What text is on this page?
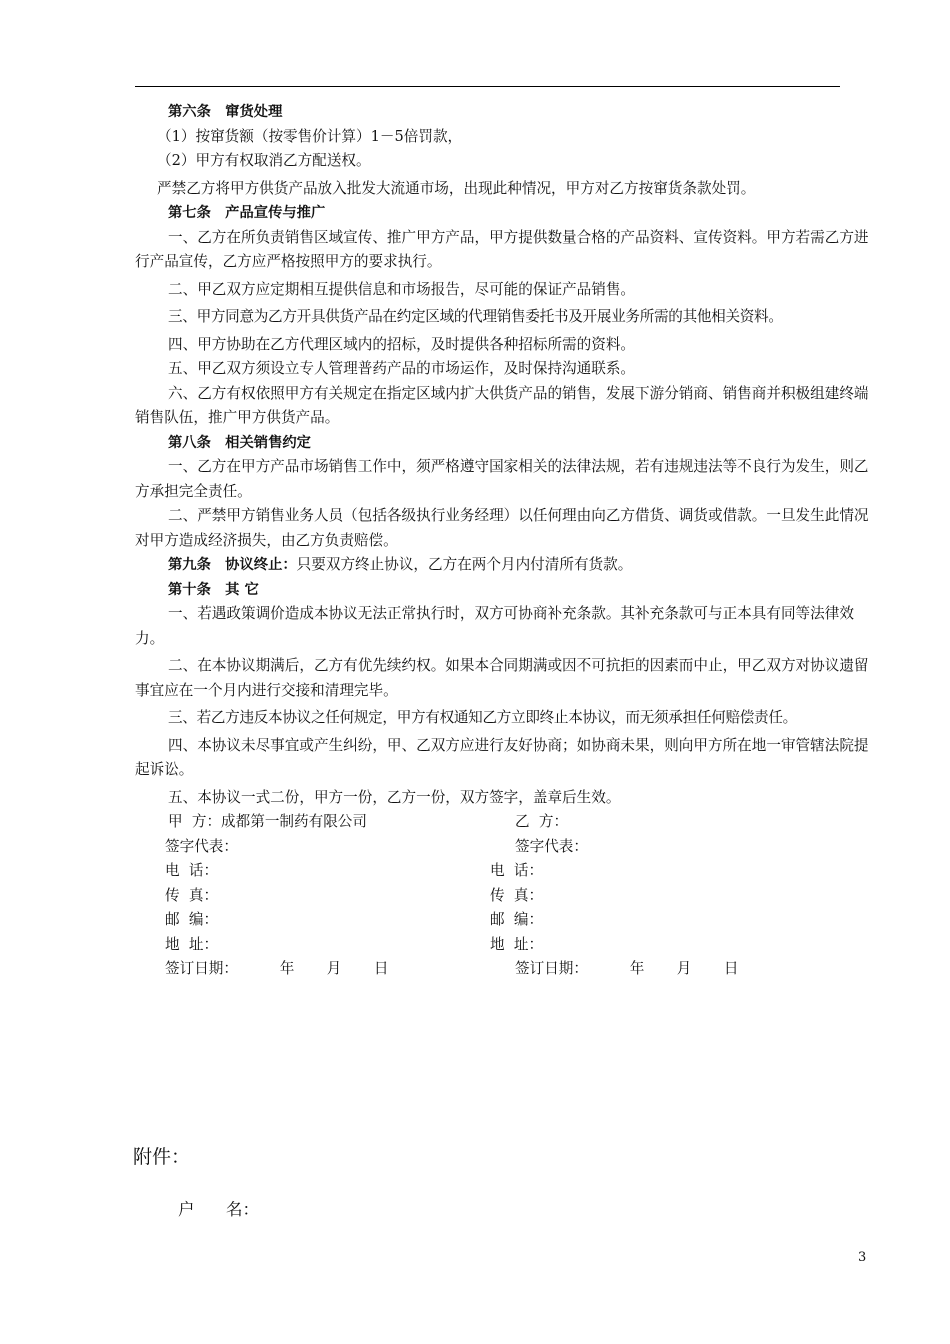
第六条　窜货处理

（1）按窜货额（按零售价计算）1－5倍罚款，

（2）甲方有权取消乙方配送权。

严禁乙方将甲方供货产品放入批发大流通市场，出现此种情况，甲方对乙方按窜货条款处罚。

第七条　产品宣传与推广

一、乙方在所负责销售区域宣传、推广甲方产品，甲方提供数量合格的产品资料、宣传资料。甲方若需乙方进行产品宣传，乙方应严格按照甲方的要求执行。

二、甲乙双方应定期相互提供信息和市场报告，尽可能的保证产品销售。

三、甲方同意为乙方开具供货产品在约定区域的代理销售委托书及开展业务所需的其他相关资料。

四、甲方协助在乙方代理区域内的招标，及时提供各种招标所需的资料。

五、甲乙双方须设立专人管理普药产品的市场运作，及时保持沟通联系。

六、乙方有权依照甲方有关规定在指定区域内扩大供货产品的销售，发展下游分销商、销售商并积极组建终端销售队伍，推广甲方供货产品。

第八条　相关销售约定

一、乙方在甲方产品市场销售工作中，须严格遵守国家相关的法律法规，若有违规违法等不良行为发生，则乙方承担完全责任。

二、严禁甲方销售业务人员（包括各级执行业务经理）以任何理由向乙方借货、调货或借款。一旦发生此情况对甲方造成经济损失，由乙方负责赔偿。

第九条　协议终止：只要双方终止协议，乙方在两个月内付清所有货款。

第十条　其 它

一、若遇政策调价造成本协议无法正常执行时，双方可协商补充条款。其补充条款可与正本具有同等法律效力。

二、在本协议期满后，乙方有优先续约权。如果本合同期满或因不可抗拒的因素而中止，甲乙双方对协议遗留事宜应在一个月内进行交接和清理完毕。

三、若乙方违反本协议之任何规定，甲方有权通知乙方立即终止本协议，而无须承担任何赔偿责任。

四、本协议未尽事宜或产生纠纷，甲、乙双方应进行友好协商；如协商未果，则向甲方所在地一审管辖法院提起诉讼。

五、本协议一式二份，甲方一份，乙方一份，双方签字，盖章后生效。

甲  方：成都第一制药有限公司	乙  方：
签字代表：	签字代表：
电  话：	电  话：
传  真：	传  真：
邮  编：	邮  编：
地  址：	地  址：
签订日期：         年       月       日	签订日期：         年       月       日
附件：
户      名：
3
